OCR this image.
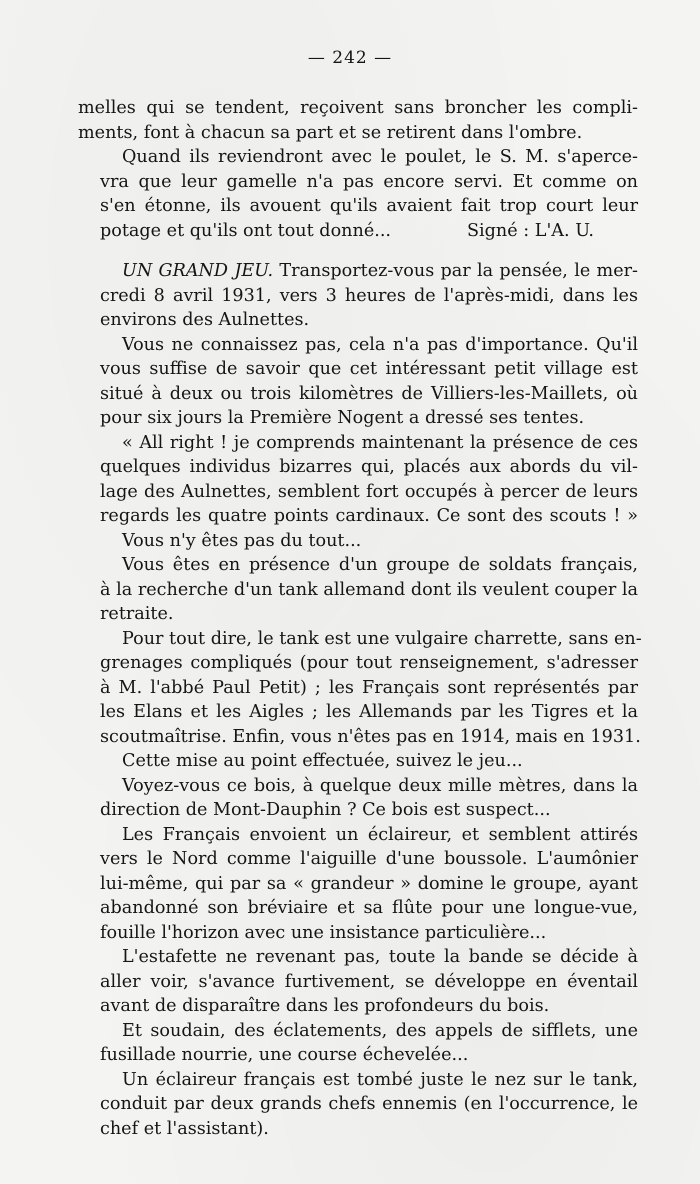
— 242 —
melles qui se tendent, reçoivent sans broncher les compli-
ments, font à chacun sa part et se retirent dans l'ombre.
Quand ils reviendront avec le poulet, le S. M. s'aperce-
vra que leur gamelle n'a pas encore servi. Et comme on
s'en étonne, ils avouent qu'ils avaient fait trop court leur
potage et qu'ils ont tout donné...	Signé : L'A. U.
UN GRAND JEU. Transportez-vous par la pensée, le mer-
credi 8 avril 1931, vers 3 heures de l'après-midi, dans les
environs des Aulnettes.
Vous ne connaissez pas, cela n'a pas d'importance. Qu'il
vous suffise de savoir que cet intéressant petit village est
situé à deux ou trois kilomètres de Villiers-les-Maillets, où
pour six jours la Première Nogent a dressé ses tentes.
« All right ! je comprends maintenant la présence de ces
quelques individus bizarres qui, placés aux abords du vil-
lage des Aulnettes, semblent fort occupés à percer de leurs
regards les quatre points cardinaux. Ce sont des scouts ! »
Vous n'y êtes pas du tout...
Vous êtes en présence d'un groupe de soldats français,
à la recherche d'un tank allemand dont ils veulent couper la
retraite.
Pour tout dire, le tank est une vulgaire charrette, sans en-
grenages compliqués (pour tout renseignement, s'adresser
à M. l'abbé Paul Petit) ; les Français sont représentés par
les Elans et les Aigles ; les Allemands par les Tigres et la
scoutmaîtrise. Enfin, vous n'êtes pas en 1914, mais en 1931.
Cette mise au point effectuée, suivez le jeu...
Voyez-vous ce bois, à quelque deux mille mètres, dans la
direction de Mont-Dauphin ? Ce bois est suspect...
Les Français envoient un éclaireur, et semblent attirés
vers le Nord comme l'aiguille d'une boussole. L'aumônier
lui-même, qui par sa « grandeur » domine le groupe, ayant
abandonné son bréviaire et sa flûte pour une longue-vue,
fouille l'horizon avec une insistance particulière...
L'estafette ne revenant pas, toute la bande se décide à
aller voir, s'avance furtivement, se développe en éventail
avant de disparaître dans les profondeurs du bois.
Et soudain, des éclatements, des appels de sifflets, une
fusillade nourrie, une course échevelée...
Un éclaireur français est tombé juste le nez sur le tank,
conduit par deux grands chefs ennemis (en l'occurrence, le
chef et l'assistant).
